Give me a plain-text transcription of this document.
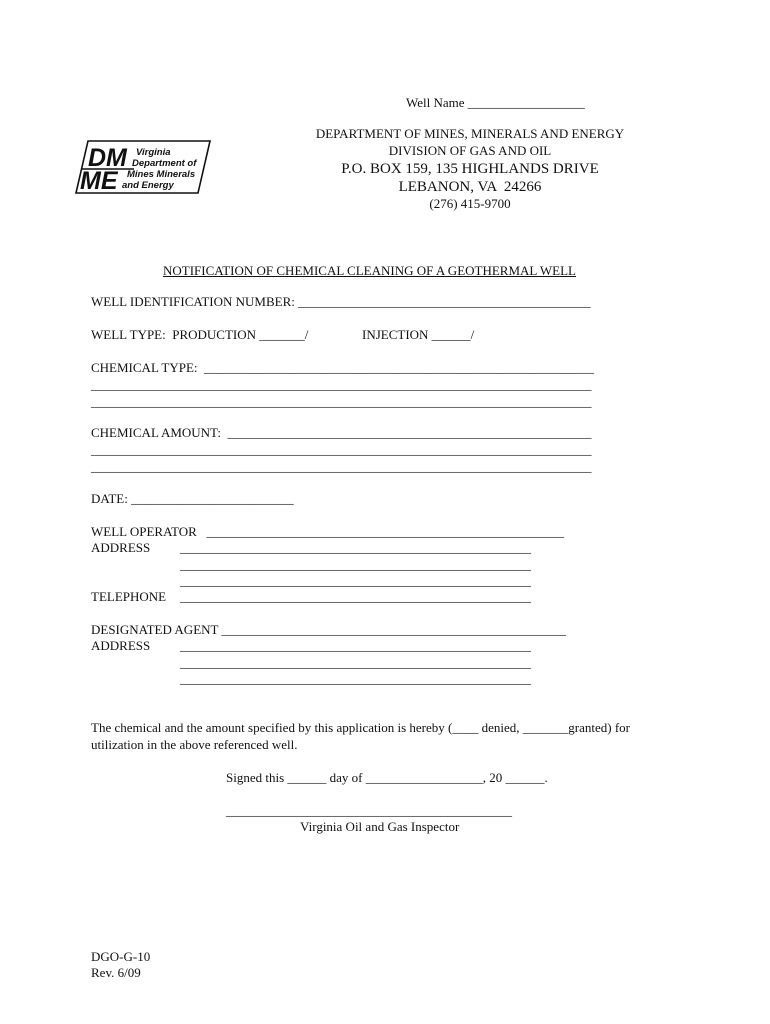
Well Name __________________
DM
ME
Virginia
Department of
Mines Minerals
and Energy
DEPARTMENT OF MINES, MINERALS AND ENERGY
DIVISION OF GAS AND OIL
P.O. BOX 159, 135 HIGHLANDS DRIVE
LEBANON, VA  24266
(276) 415-9700
NOTIFICATION OF CHEMICAL CLEANING OF A GEOTHERMAL WELL
WELL IDENTIFICATION NUMBER: _____________________________________________
WELL TYPE:  PRODUCTION _______/	INJECTION ______/
CHEMICAL TYPE:  ____________________________________________________________
_____________________________________________________________________________
_____________________________________________________________________________
CHEMICAL AMOUNT:  ________________________________________________________
_____________________________________________________________________________
_____________________________________________________________________________
DATE: _________________________
WELL OPERATOR   _______________________________________________________
ADDRESS ______________________________________________________
______________________________________________________
______________________________________________________
TELEPHONE ______________________________________________________
DESIGNATED AGENT _____________________________________________________
ADDRESS ______________________________________________________
______________________________________________________
______________________________________________________
The chemical and the amount specified by this application is hereby (____ denied, _______granted) for
utilization in the above referenced well.
Signed this ______ day of __________________, 20 ______.
____________________________________________
Virginia Oil and Gas Inspector
DGO-G-10
Rev. 6/09
